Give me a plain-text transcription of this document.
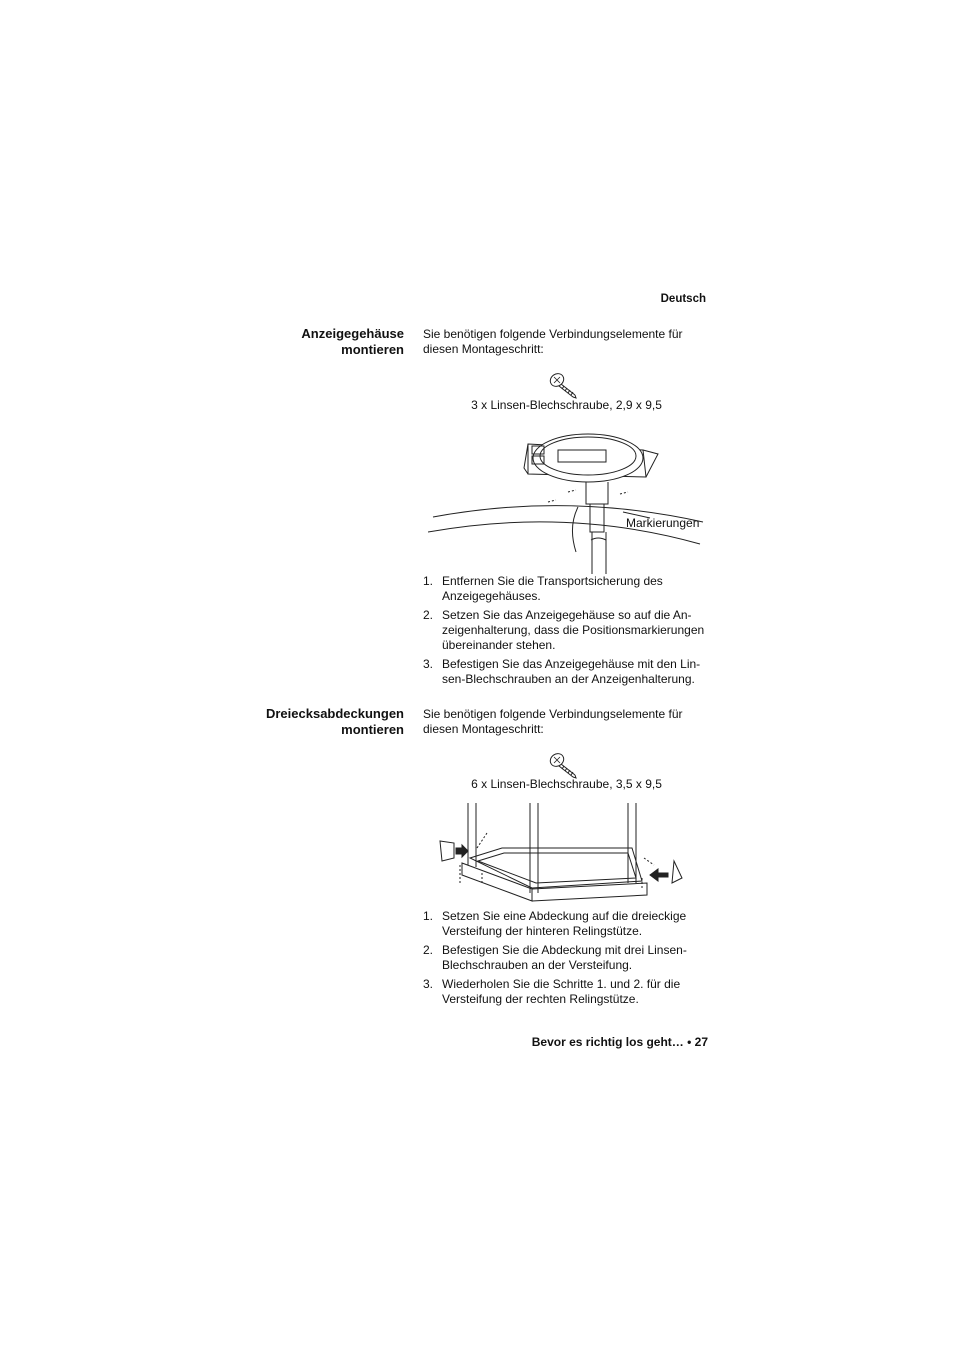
Deutsch
Anzeigegehäuse
montieren
Sie benötigen folgende Verbindungselemente für
diesen Montageschritt:
3 x Linsen-Blechschraube, 2,9 x 9,5
Markierungen
1. Entfernen Sie die Transportsicherung des
Anzeigegehäuses.
2. Setzen Sie das Anzeigegehäuse so auf die An-
zeigenhalterung, dass die Positionsmarkierungen
übereinander stehen.
3. Befestigen Sie das Anzeigegehäuse mit den Lin-
sen-Blechschrauben an der Anzeigenhalterung.
Dreiecksabdeckungen
montieren
Sie benötigen folgende Verbindungselemente für
diesen Montageschritt:
6 x Linsen-Blechschraube, 3,5 x 9,5
1. Setzen Sie eine Abdeckung auf die dreieckige
Versteifung der hinteren Relingstütze.
2. Befestigen Sie die Abdeckung mit drei Linsen-
Blechschrauben an der Versteifung.
3. Wiederholen Sie die Schritte 1. und 2. für die
Versteifung der rechten Relingstütze.
Bevor es richtig los geht… • 27
